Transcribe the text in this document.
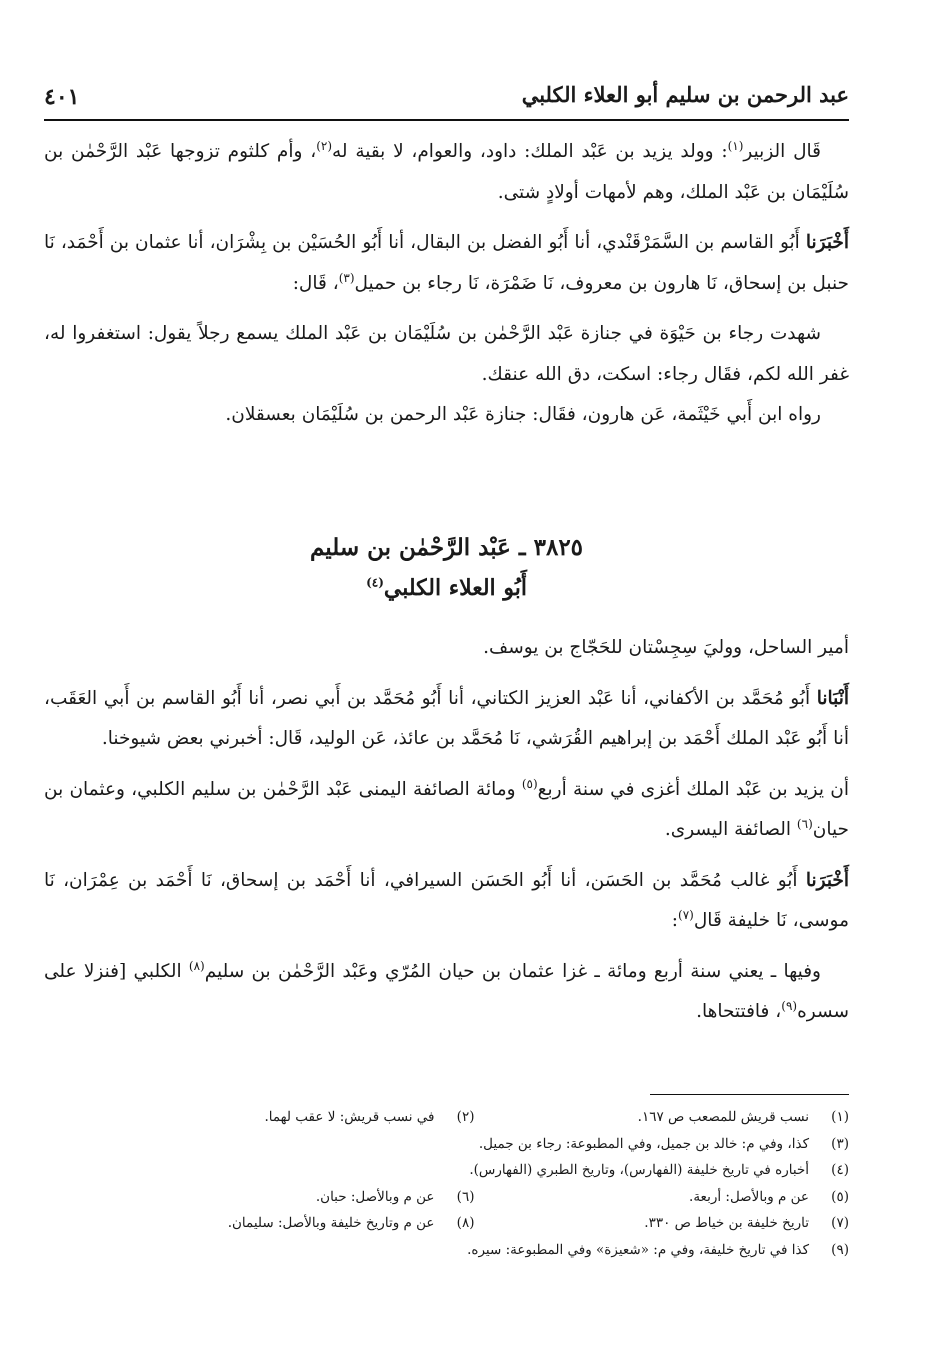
عبد الرحمن بن سليم أبو العلاء الكلبي
٤٠١

قَال الزبير$^{(١)}$: وولد يزيد بن عَبْد الملك: داود، والعوام، لا بقية له$^{(٢)}$، وأم كلثوم تزوجها عَبْد الرَّحْمٰن بن سُلَيْمَان بن عَبْد الملك، وهم لأمهات أولادٍ شتى.

أَخْبَرَنا أَبُو القاسم بن السَّمَرْقَنْدي، أنا أَبُو الفضل بن البقال، أنا أَبُو الحُسَيْن بن بِشْرَان، أنا عثمان بن أَحْمَد، نَا حنبل بن إسحاق، نَا هارون بن معروف، نَا ضَمْرَة، نَا رجاء بن حميل$^{(٣)}$، قَال:

شهدت رجاء بن حَيْوَة في جنازة عَبْد الرَّحْمٰن بن سُلَيْمَان بن عَبْد الملك يسمع رجلاً يقول: استغفروا له، غفر الله لكم، فقَال رجاء: اسكت، دق الله عنقك.

رواه ابن أَبي خَيْثَمة، عَن هارون، فقَال: جنازة عَبْد الرحمن بن سُلَيْمَان بعسقلان.

٣٨٢٥ ـ عَبْد الرَّحْمٰن بن سليم
أَبُو العلاء الكلبي$^{(٤)}$

أمير الساحل، ووليَ سِجِسْتان للحَجّاج بن يوسف.

أَنْبَانا أَبُو مُحَمَّد بن الأكفاني، أنا عَبْد العزيز الكتاني، أنا أَبُو مُحَمَّد بن أَبي نصر، أنا أَبُو القاسم بن أَبي العَقَب، أنا أَبُو عَبْد الملك أَحْمَد بن إبراهيم القُرَشي، نَا مُحَمَّد بن عائذ، عَن الوليد، قَال: أخبرني بعض شيوخنا.

أن يزيد بن عَبْد الملك أغزى في سنة أربع$^{(٥)}$ ومائة الصائفة اليمنى عَبْد الرَّحْمٰن بن سليم الكلبي، وعثمان بن حيان$^{(٦)}$ الصائفة اليسرى.

أَخْبَرَنا أَبُو غالب مُحَمَّد بن الحَسَن، أنا أَبُو الحَسَن السيرافي، أنا أَحْمَد بن إسحاق، نَا أَحْمَد بن عِمْرَان، نَا موسى، نَا خليفة قَال$^{(٧)}$:

وفيها ـ يعني سنة أربع ومائة ـ غزا عثمان بن حيان المُرّي وعَبْد الرَّحْمٰن بن سليم$^{(٨)}$ الكلبي [فنزلا على سسره$^{(٩)}$، فافتتحاها.

(١)
نسب قريش للمصعب ص ١٦٧.
(٢)
في نسب قريش: لا عقب لهما.
(٣)
كذا، وفي م: خالد بن جميل، وفي المطبوعة: رجاء بن جميل.
(٤)
أخباره في تاريخ خليفة (الفهارس)، وتاريخ الطبري (الفهارس).
(٥)
عن م وبالأصل: أربعة.
(٦)
عن م وبالأصل: حبان.
(٧)
تاريخ خليفة بن خياط ص ٣٣٠.
(٨)
عن م وتاريخ خليفة وبالأصل: سليمان.
(٩)
كذا في تاريخ خليفة، وفي م: «شعيزة» وفي المطبوعة: سيره.
